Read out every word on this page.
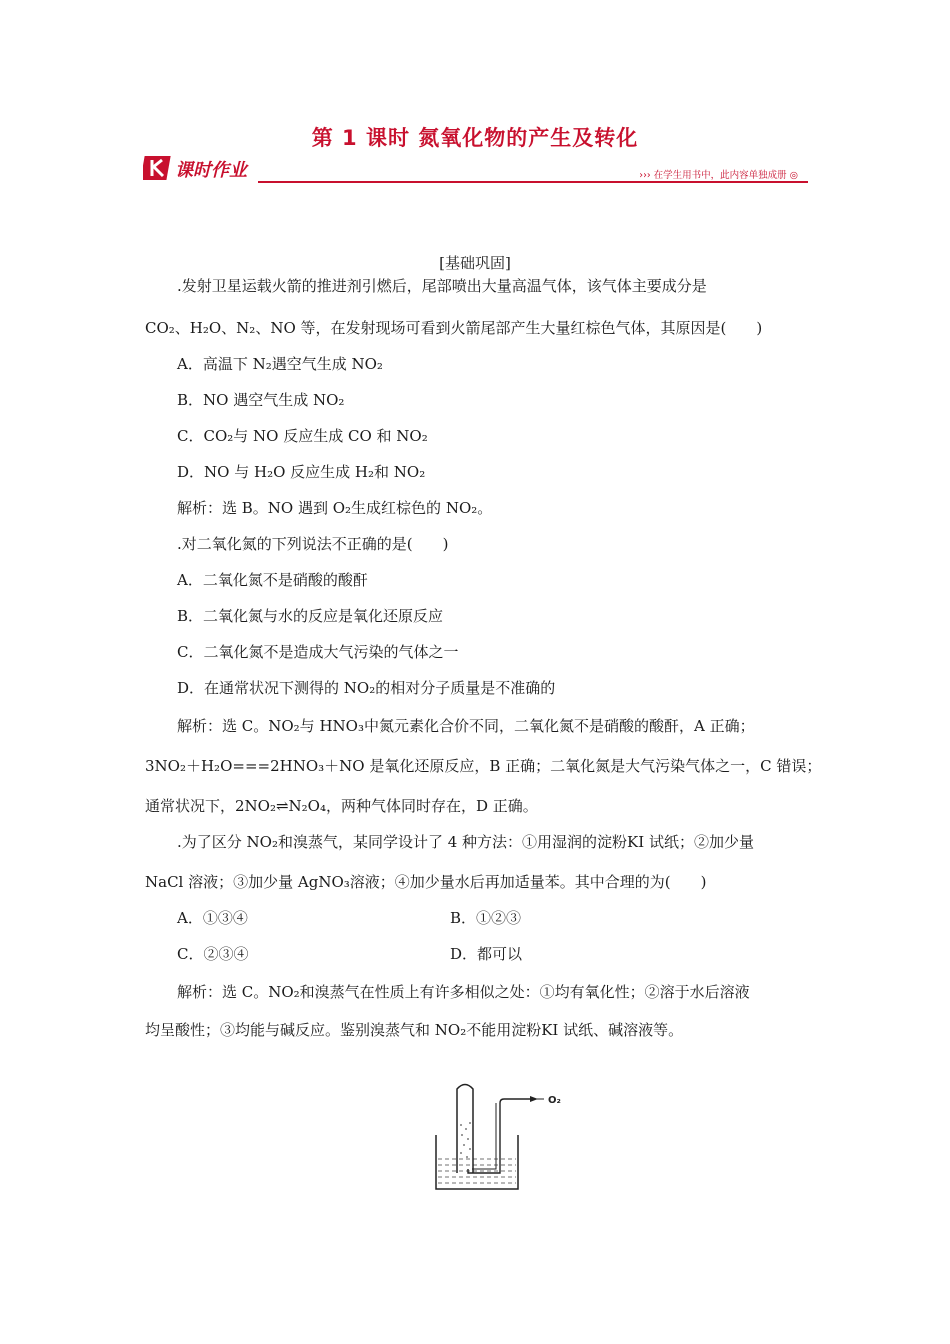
第 1 课时 氮氧化物的产生及转化
课时作业	››› 在学生用书中，此内容单独成册 ◎
[基础巩固]
.发射卫星运载火箭的推进剂引燃后，尾部喷出大量高温气体，该气体主要成分是
CO₂、H₂O、N₂、NO 等，在发射现场可看到火箭尾部产生大量红棕色气体，其原因是(　　)
A．高温下 N₂遇空气生成 NO₂
B．NO 遇空气生成 NO₂
C．CO₂与 NO 反应生成 CO 和 NO₂
D．NO 与 H₂O 反应生成 H₂和 NO₂
解析：选 B。NO 遇到 O₂生成红棕色的 NO₂。
.对二氧化氮的下列说法不正确的是(　　)
A．二氧化氮不是硝酸的酸酐
B．二氧化氮与水的反应是氧化还原反应
C．二氧化氮不是造成大气污染的气体之一
D．在通常状况下测得的 NO₂的相对分子质量是不准确的
解析：选 C。NO₂与 HNO₃中氮元素化合价不同，二氧化氮不是硝酸的酸酐，A 正确；
3NO₂＋H₂O===2HNO₃＋NO 是氧化还原反应，B 正确；二氧化氮是大气污染气体之一，C 错误；
通常状况下，2NO₂⇌N₂O₄，两种气体同时存在，D 正确。
.为了区分 NO₂和溴蒸气，某同学设计了 4 种方法：①用湿润的淀粉KI 试纸；②加少量
NaCl 溶液；③加少量 AgNO₃溶液；④加少量水后再加适量苯。其中合理的为(　　)
A．①③④	B．①②③
C．②③④	D．都可以
解析：选 C。NO₂和溴蒸气在性质上有许多相似之处：①均有氧化性；②溶于水后溶液
均呈酸性；③均能与碱反应。鉴别溴蒸气和 NO₂不能用淀粉KI 试纸、碱溶液等。
O₂
